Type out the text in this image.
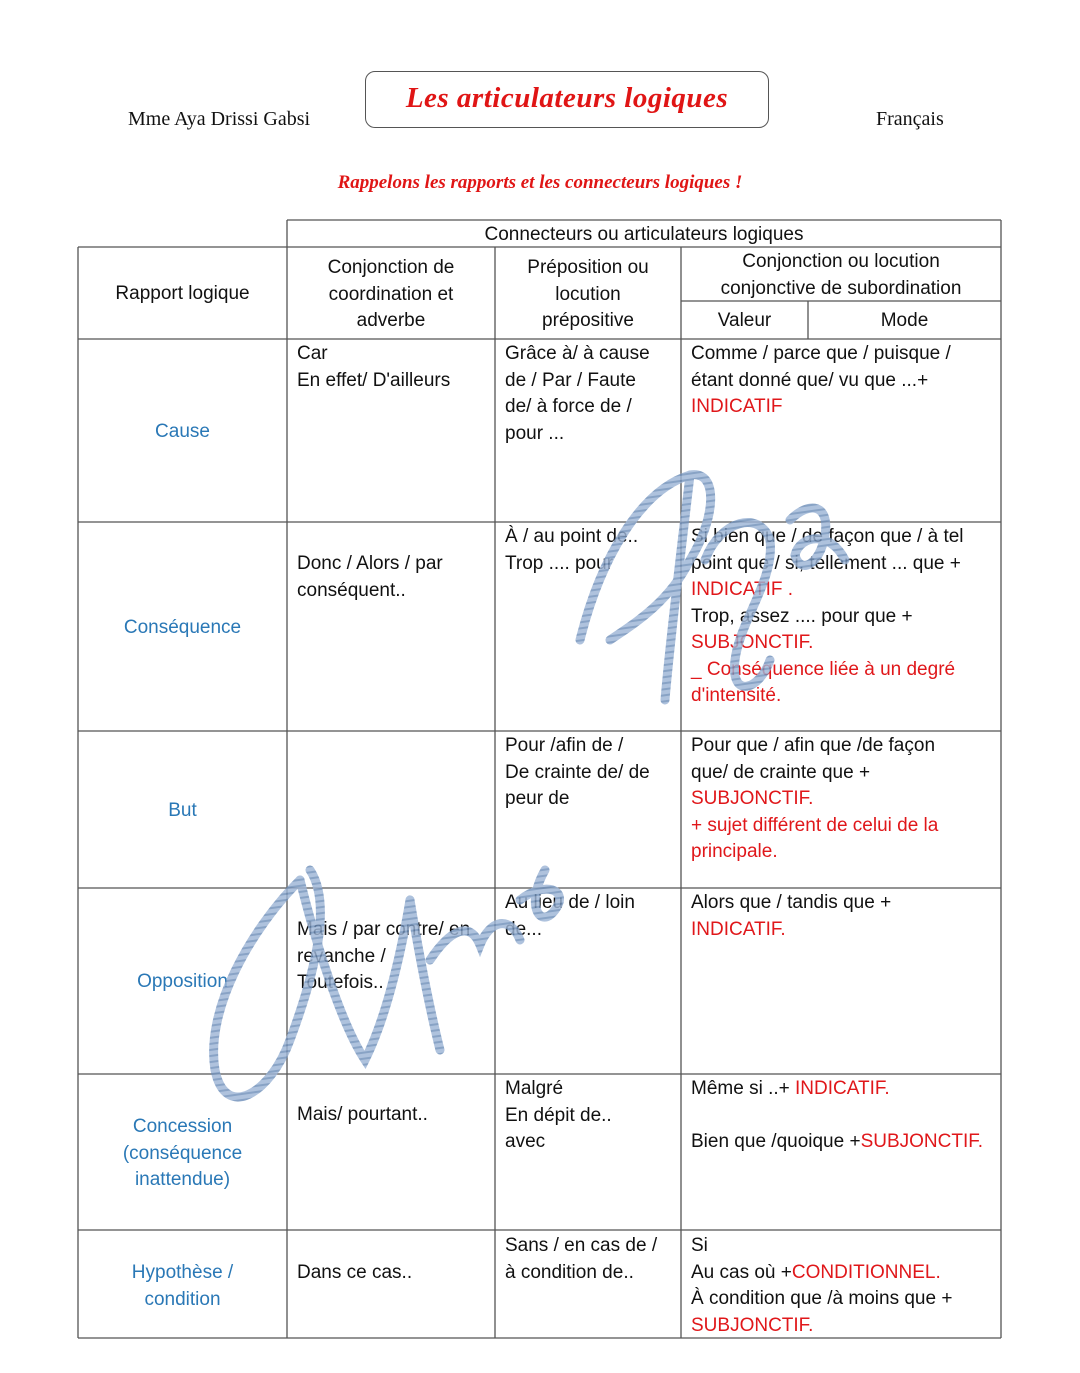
Mme Aya Drissi Gabsi
Les articulateurs logiques
Français
Rappelons les rapports et les connecteurs logiques !
Connecteurs ou articulateurs logiques
Rapport logique
Conjonction de
coordination et
adverbe
Préposition ou
locution
prépositive
Conjonction ou locution
conjonctive de subordination
Valeur	Mode
Cause
Car
En effet/ D'ailleurs
Grâce à/ à cause
de / Par / Faute
de/ à force de /
pour ...
Comme / parce que / puisque /
étant donné que/ vu que ...+
INDICATIF
Conséquence
Donc / Alors / par
conséquent..
À / au point de..
Trop .... pour
Si bien que / de façon que / à tel
point que / si, tellement ... que +
INDICATIF .
Trop, assez .... pour que +
SUBJONCTIF.
_ Conséquence liée à un degré
d'intensité.
But
Pour /afin de /
De crainte de/ de
peur de
Pour que / afin que /de façon
que/ de crainte que +
SUBJONCTIF.
+ sujet différent de celui de la
principale.
Opposition
Mais / par contre/ en
revanche /
Toutefois..
Au lieu de / loin
de...
Alors que / tandis que +
INDICATIF.
Concession
(conséquence
inattendue)
Mais/ pourtant..
Malgré
En dépit de..
avec
Même si ..+ INDICATIF.

Bien que /quoique +SUBJONCTIF.
Hypothèse /
condition
Dans ce cas..
Sans / en cas de /
à condition de..
Si
Au cas où +CONDITIONNEL.
À condition que /à moins que +
SUBJONCTIF.
